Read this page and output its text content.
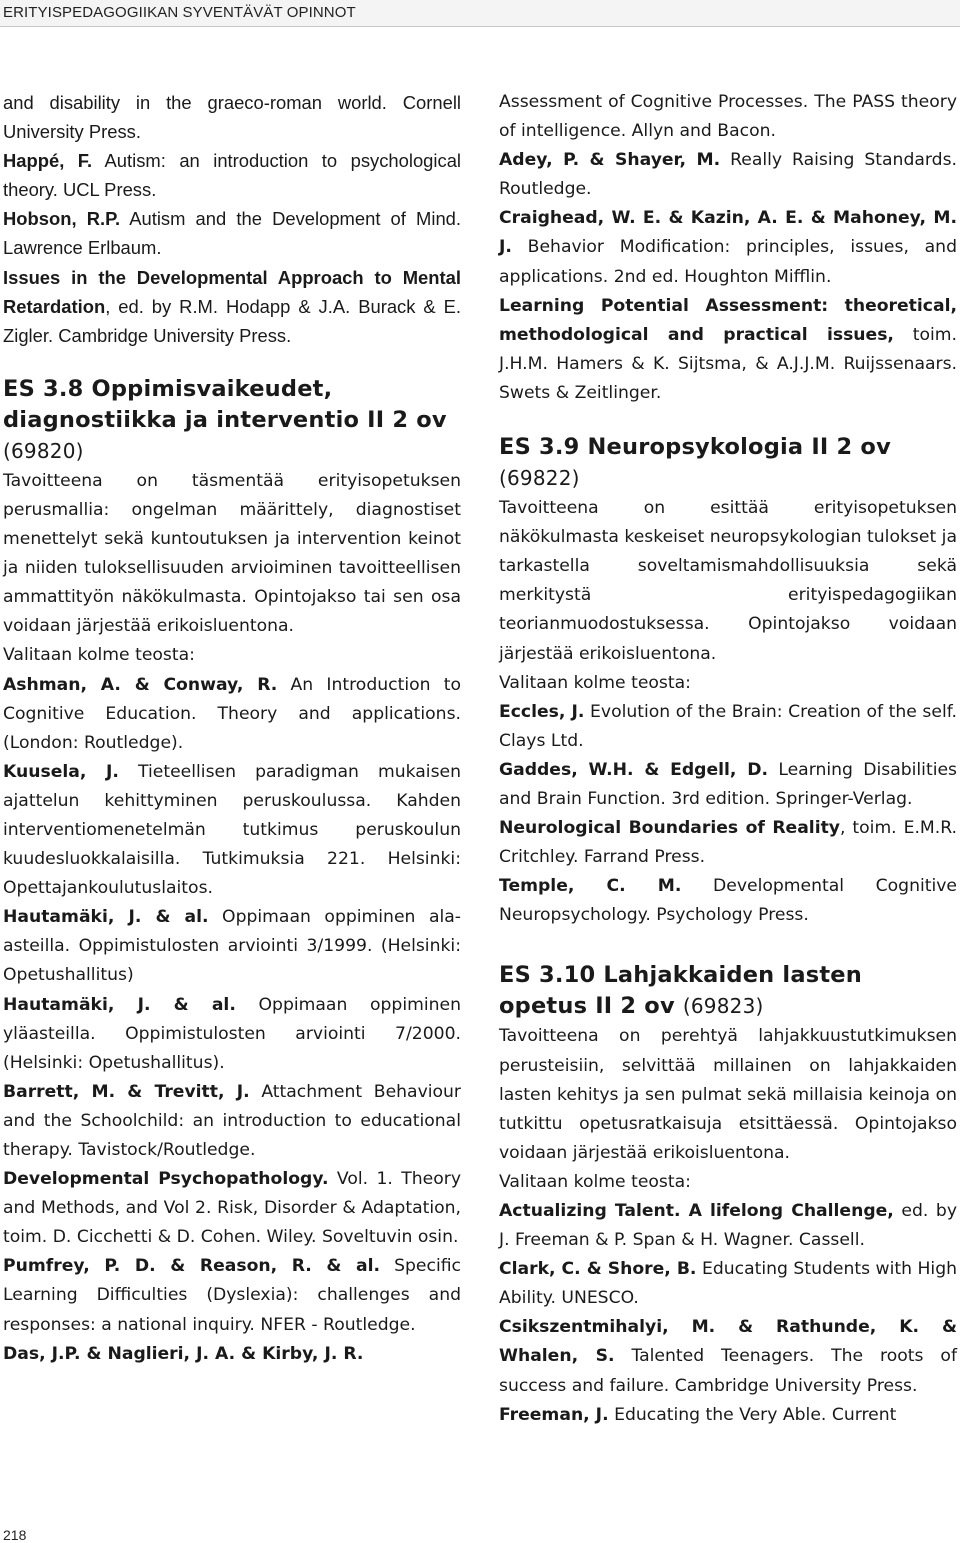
ERITYISPEDAGOGIIKAN SYVENTÄVÄT OPINNOT
and disability in the graeco-roman world. Cornell University Press.
Happé, F. Autism: an introduction to psychological theory. UCL Press.
Hobson, R.P. Autism and the Development of Mind. Lawrence Erlbaum.
Issues in the Developmental Approach to Mental Retardation, ed. by R.M. Hodapp & J.A. Burack & E. Zigler. Cambridge University Press.
ES 3.8 Oppimisvaikeudet, diagnostiikka ja interventio II 2 ov
(69820)
Tavoitteena on täsmentää erityisopetuksen perusmallia: ongelman määrittely, diagnostiset menettelyt sekä kuntoutuksen ja intervention keinot ja niiden tuloksellisuuden arvioiminen tavoitteellisen ammattityön näkökulmasta. Opintojakso tai sen osa voidaan järjestää erikoisluentona.
Valitaan kolme teosta:
Ashman, A. & Conway, R. An Introduction to Cognitive Education. Theory and applications. (London: Routledge).
Kuusela, J. Tieteellisen paradigman mukaisen ajattelun kehittyminen peruskoulussa. Kahden interventiomenetelmän tutkimus peruskoulun kuudesluokkalaisilla. Tutkimuksia 221. Helsinki: Opettajankoulutuslaitos.
Hautamäki, J. & al. Oppimaan oppiminen ala-asteilla. Oppimistulosten arviointi 3/1999. (Helsinki: Opetushallitus)
Hautamäki, J. & al. Oppimaan oppiminen yläasteilla. Oppimistulosten arviointi 7/2000. (Helsinki: Opetushallitus).
Barrett, M. & Trevitt, J. Attachment Behaviour and the Schoolchild: an introduction to educational therapy. Tavistock/Routledge.
Developmental Psychopathology. Vol. 1. Theory and Methods, and Vol 2. Risk, Disorder & Adaptation, toim. D. Cicchetti & D. Cohen. Wiley. Soveltuvin osin.
Pumfrey, P. D. & Reason, R. & al. Specific Learning Difficulties (Dyslexia): challenges and responses: a national inquiry. NFER - Routledge.
Das, J.P. & Naglieri, J. A. & Kirby, J. R.
Assessment of Cognitive Processes. The PASS theory of intelligence. Allyn and Bacon.
Adey, P. & Shayer, M. Really Raising Standards. Routledge.
Craighead, W. E. & Kazin, A. E. & Mahoney, M. J. Behavior Modification: principles, issues, and applications. 2nd ed. Houghton Mifflin.
Learning Potential Assessment: theoretical, methodological and practical issues, toim. J.H.M. Hamers & K. Sijtsma, & A.J.J.M. Ruijssenaars. Swets & Zeitlinger.
ES 3.9 Neuropsykologia II 2 ov
(69822)
Tavoitteena on esittää erityisopetuksen näkökulmasta keskeiset neuropsykologian tulokset ja tarkastella soveltamismahdollisuuksia sekä merkitystä erityispedagogiikan teorianmuodostuksessa. Opintojakso voidaan järjestää erikoisluentona.
Valitaan kolme teosta:
Eccles, J. Evolution of the Brain: Creation of the self. Clays Ltd.
Gaddes, W.H. & Edgell, D. Learning Disabilities and Brain Function. 3rd edition. Springer-Verlag.
Neurological Boundaries of Reality, toim. E.M.R. Critchley. Farrand Press.
Temple, C. M. Developmental Cognitive Neuropsychology. Psychology Press.
ES 3.10 Lahjakkaiden lasten opetus II 2 ov (69823)
Tavoitteena on perehtyä lahjakkuustutkimuksen perusteisiin, selvittää millainen on lahjakkaiden lasten kehitys ja sen pulmat sekä millaisia keinoja on tutkittu opetusratkaisuja etsittäessä. Opintojakso voidaan järjestää erikoisluentona.
Valitaan kolme teosta:
Actualizing Talent. A lifelong Challenge, ed. by J. Freeman & P. Span & H. Wagner. Cassell.
Clark, C. & Shore, B. Educating Students with High Ability. UNESCO.
Csikszentmihalyi, M. & Rathunde, K. & Whalen, S. Talented Teenagers. The roots of success and failure. Cambridge University Press.
Freeman, J. Educating the Very Able. Current
218
